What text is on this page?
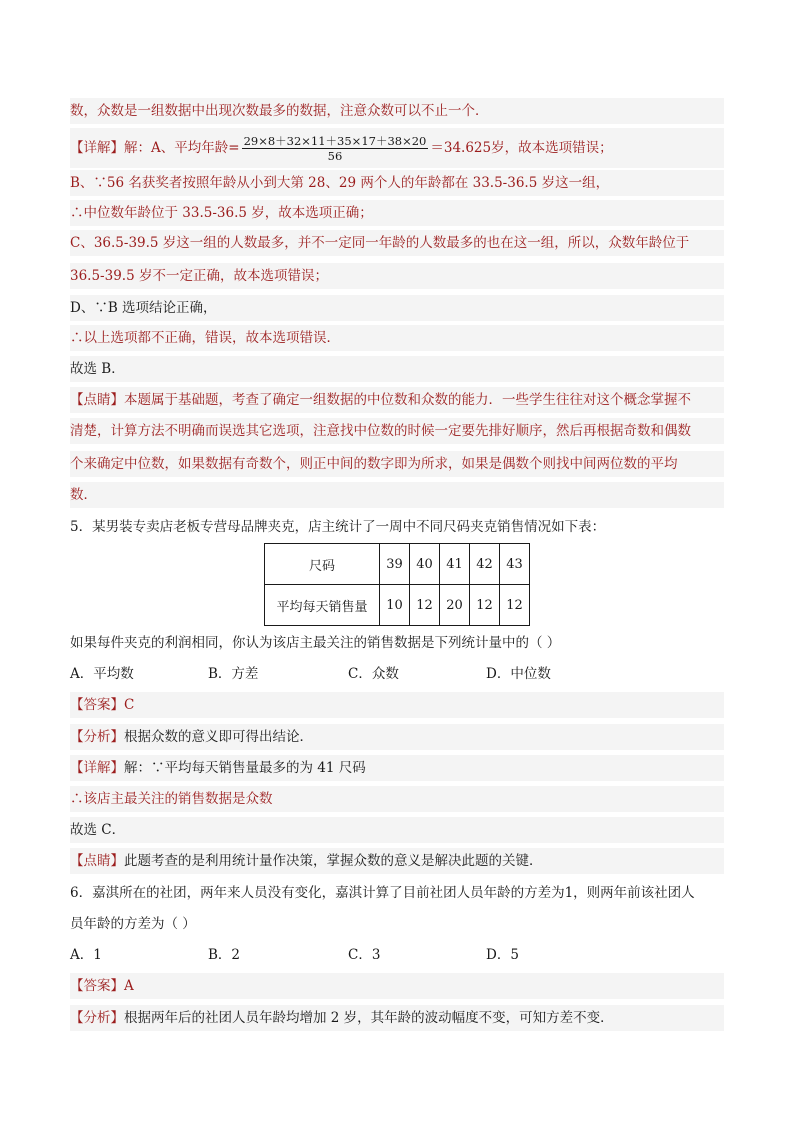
数，众数是一组数据中出现次数最多的数据，注意众数可以不止一个．
【详解】解：A、平均年龄= $\frac{29\times 8+32\times 11+35\times 17+38\times 20}{56} =34.625$岁，故本选项错误；
B、∵56 名获奖者按照年龄从小到大第 28、29 两个人的年龄都在 33.5-36.5 岁这一组，
∴中位数年龄位于 33.5-36.5 岁，故本选项正确；
C、36.5-39.5 岁这一组的人数最多，并不一定同一年龄的人数最多的也在这一组，所以，众数年龄位于
36.5-39.5 岁不一定正确，故本选项错误；
D、∵B 选项结论正确，
∴以上选项都不正确，错误，故本选项错误．
故选 B．
【点睛】本题属于基础题，考查了确定一组数据的中位数和众数的能力．一些学生往往对这个概念掌握不
清楚，计算方法不明确而误选其它选项，注意找中位数的时候一定要先排好顺序，然后再根据奇数和偶数
个来确定中位数，如果数据有奇数个，则正中间的数字即为所求，如果是偶数个则找中间两位数的平均
数．
5．某男装专卖店老板专营母品牌夹克，店主统计了一周中不同尺码夹克销售情况如下表：
尺码	39	40	41	42	43
平均每天销售量	10	12	20	12	12
如果每件夹克的利润相同，你认为该店主最关注的销售数据是下列统计量中的（ ）
A．平均数	B．方差	C．众数	D．中位数
【答案】C
【分析】根据众数的意义即可得出结论．
【详解】解：∵平均每天销售量最多的为 41 尺码
∴该店主最关注的销售数据是众数
故选 C．
【点睛】此题考查的是利用统计量作决策，掌握众数的意义是解决此题的关键．
6．嘉淇所在的社团，两年来人员没有变化，嘉淇计算了目前社团人员年龄的方差为1，则两年前该社团人
员年龄的方差为（ ）
A．1	B．2	C．3	D．5
【答案】A
【分析】根据两年后的社团人员年龄均增加 2 岁，其年龄的波动幅度不变，可知方差不变．
